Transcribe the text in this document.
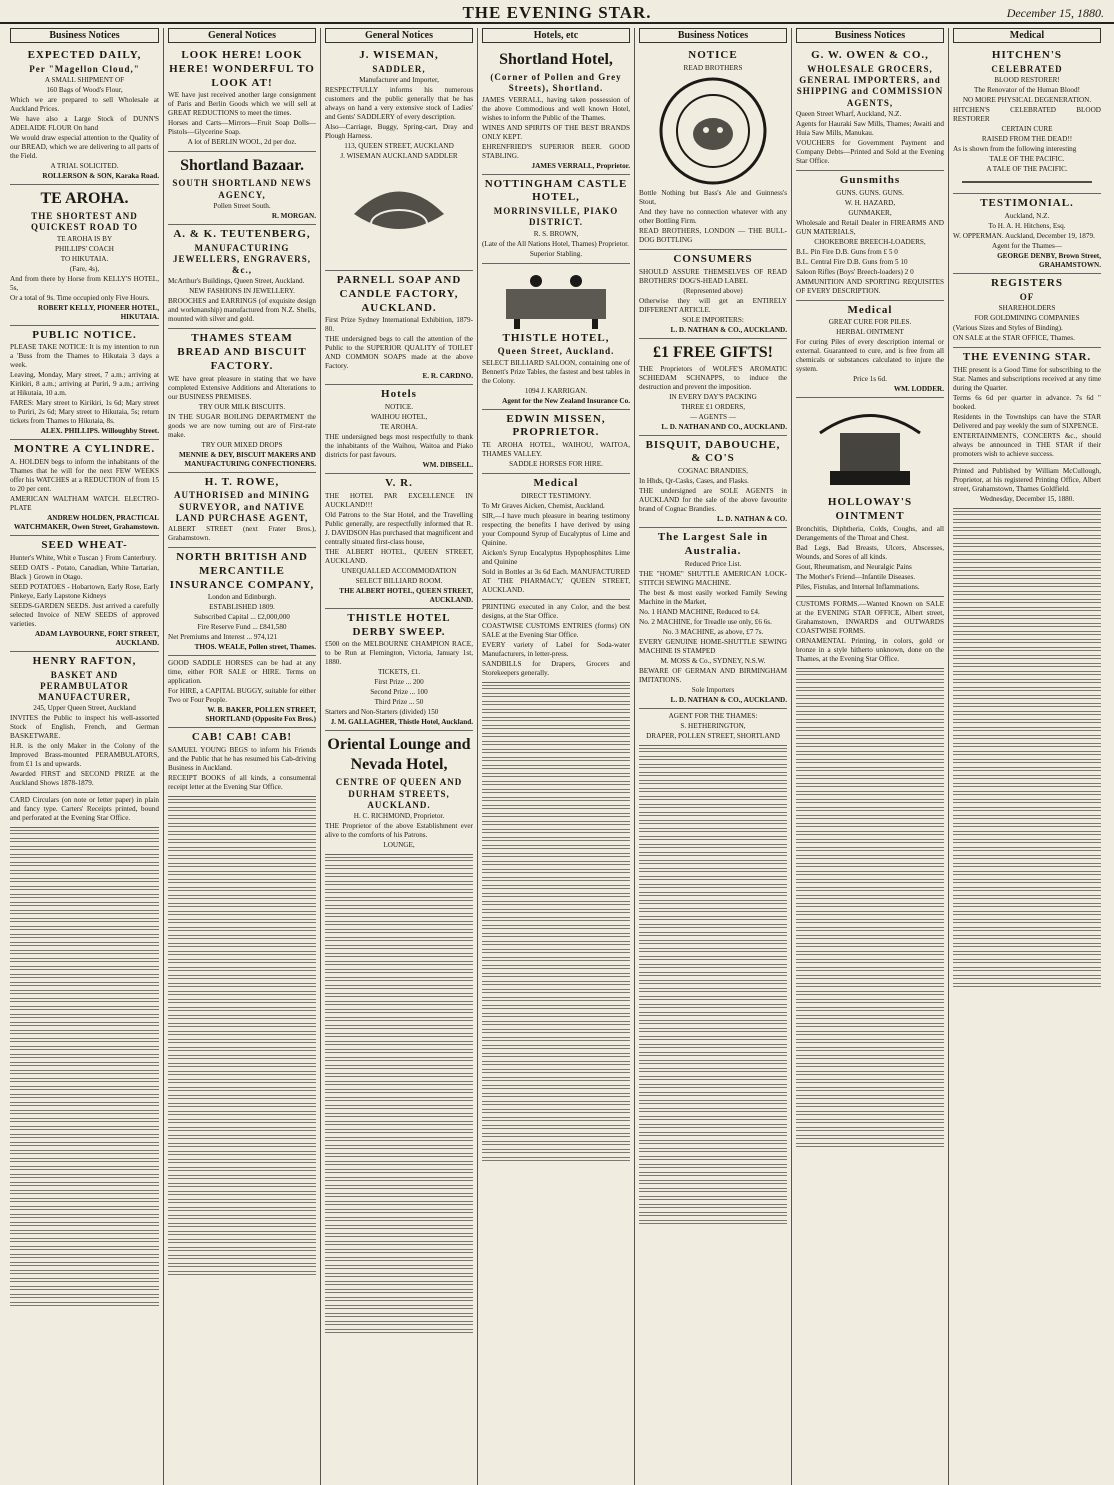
THE EVENING STAR.	December 15, 1880.
Business Notices
EXPECTED DAILY,
Per "Magellon Cloud,"

A SMALL SHIPMENT OF

160 Bags of Wood's Flour,

Which we are prepared to sell Wholesale at Auckland Prices.

We have also a Large Stock of DUNN'S ADELAIDE FLOUR On hand

We would draw especial attention to the Quality of our BREAD, which we are delivering to all parts of the Field.

A TRIAL SOLICITED.

ROLLERSON & SON, Karaka Road.
TE AROHA.
THE SHORTEST AND QUICKEST ROAD TO

TE AROHA IS BY

PHILLIPS' COACH

TO HIKUTAIA.

(Fare, 4s),

And from there by Horse from KELLY'S HOTEL, 5s,

Or a total of 9s. Time occupied only Five Hours.

ROBERT KELLY, PIONEER HOTEL, HIKUTAIA.
PUBLIC NOTICE.

PLEASE TAKE NOTICE: It is my intention to run a 'Buss from the Thames to Hikutaia 3 days a week.

Leaving, Monday, Mary street, 7 a.m.; arriving at Kirikiri, 8 a.m.; arriving at Puriri, 9 a.m.; arriving at Hikutaia, 10 a.m.

FARES: Mary street to Kirikiri, 1s 6d; Mary street to Puriri, 2s 6d; Mary street to Hikutaia, 5s; return tickets from Thames to Hikutaia, 8s.

ALEX. PHILLIPS. Willoughby Street.
MONTRE A CYLINDRE.

A. HOLDEN begs to inform the inhabitants of the Thames that he will for the next FEW WEEKS offer his WATCHES at a REDUCTION of from 15 to 20 per cent.

AMERICAN WALTHAM WATCH. ELECTRO-PLATE

ANDREW HOLDEN, PRACTICAL WATCHMAKER, Owen Street, Grahamstown.
SEED WHEAT-

Hunter's White, Whit e Tuscan } From Canterbury.

SEED OATS - Potato, Canadian, White Tartarian, Black } Grown in Otago.

SEED POTATOES - Hobartown, Early Rose, Early Pinkeye, Early Lapstone Kidneys

SEEDS-GARDEN SEEDS. Just arrived a carefully selected Invoice of NEW SEEDS of approved varieties.

ADAM LAYBOURNE, FORT STREET, AUCKLAND.
HENRY RAFTON,
BASKET AND PERAMBULATOR MANUFACTURER,

245, Upper Queen Street, Auckland

INVITES the Public to inspect his well-assorted Stock of English, French, and German BASKETWARE.

H.R. is the only Maker in the Colony of the Improved Brass-mounted PERAMBULATORS, from £1 1s and upwards.

Awarded FIRST and SECOND PRIZE at the Auckland Shows 1878-1879.

CARD Circulars (on note or letter paper) in plain and fancy type. Carters' Receipts printed, bound and perforated at the Evening Star Office.

General Notices
LOOK HERE! LOOK HERE! WONDERFUL TO LOOK AT!

WE have just received another large consignment of Paris and Berlin Goods which we will sell at GREAT REDUCTIONS to meet the times.

Horses and Carts—Mirrors—Fruit Soap Dolls—Pistols—Glycerine Soap.

A lot of BERLIN WOOL, 2d per doz.

Shortland Bazaar.
SOUTH SHORTLAND NEWS AGENCY,

Pollen Street South.

R. MORGAN.
A. & K. TEUTENBERG,
MANUFACTURING JEWELLERS, ENGRAVERS, &c.,

McArthur's Buildings, Queen Street, Auckland.

NEW FASHIONS IN JEWELLERY.

BROOCHES and EARRINGS (of exquisite design and workmanship) manufactured from N.Z. Shells, mounted with silver and gold.

THAMES STEAM BREAD AND BISCUIT FACTORY.

WE have great pleasure in stating that we have completed Extensive Additions and Alterations to our BUSINESS PREMISES.

TRY OUR MILK BISCUITS.

IN THE SUGAR BOILING DEPARTMENT the goods we are now turning out are of First-rate make.

TRY OUR MIXED DROPS

MENNIE & DEY, BISCUIT MAKERS AND MANUFACTURING CONFECTIONERS.
H. T. ROWE,
AUTHORISED and MINING SURVEYOR, and NATIVE LAND PURCHASE AGENT,

ALBERT STREET (next Frater Bros.), Grahamstown.

NORTH BRITISH AND MERCANTILE INSURANCE COMPANY,

London and Edinburgh.

ESTABLISHED 1809.

Subscribed Capital ... £2,000,000

Fire Reserve Fund ... £841,580

Net Premiums and Interest ... 974,121

THOS. WEALE, Pollen street, Thames.

GOOD SADDLE HORSES can be had at any time, either FOR SALE or HIRE. Terms on application.

For HIRE, a CAPITAL BUGGY, suitable for either Two or Four People.

W. B. BAKER, POLLEN STREET, SHORTLAND (Opposite Fox Bros.)
CAB! CAB! CAB!

SAMUEL YOUNG BEGS to inform his Friends and the Public that he has resumed his Cab-driving Business in Auckland.

RECEIPT BOOKS of all kinds, a consumental receipt letter at the Evening Star Office.

General Notices
J. WISEMAN,
SADDLER,

Manufacturer and Importer,

RESPECTFULLY informs his numerous customers and the public generally that he has always on hand a very extensive stock of Ladies' and Gents' SADDLERY of every description.

Also—Carriage, Buggy, Spring-cart, Dray and Plough Harness.

113, QUEEN STREET, AUCKLAND

J. WISEMAN AUCKLAND SADDLER

PARNELL SOAP AND CANDLE FACTORY, AUCKLAND.

First Prize Sydney International Exhibition, 1879-80.

THE undersigned begs to call the attention of the Public to the SUPERIOR QUALITY of TOILET AND COMMON SOAPS made at the above Factory.

E. R. CARDNO.
Hotels

NOTICE.

WAIHOU HOTEL,

TE AROHA.

THE undersigned begs most respectfully to thank the inhabitants of the Waihou, Waitoa and Piako districts for past favours.

WM. DIBSELL.
V. R.

THE HOTEL PAR EXCELLENCE IN AUCKLAND!!!

Old Patrons to the Star Hotel, and the Travelling Public generally, are respectfully informed that R. J. DAVIDSON Has purchased that magnificent and centrally situated first-class house,

THE ALBERT HOTEL, QUEEN STREET, AUCKLAND.

UNEQUALLED ACCOMMODATION

SELECT BILLIARD ROOM.

THE ALBERT HOTEL, QUEEN STREET, AUCKLAND.
THISTLE HOTEL DERBY SWEEP.

£500 on the MELBOURNE CHAMPION RACE, to be Run at Flemington, Victoria, January 1st, 1880.

TICKETS, £1.

First Prize ... 200

Second Prize ... 100

Third Prize ... 50

Starters and Non-Starters (divided) 150

J. M. GALLAGHER, Thistle Hotel, Auckland.
Oriental Lounge and Nevada Hotel,
CENTRE OF QUEEN AND DURHAM STREETS, AUCKLAND.

H. C. RICHMOND, Proprietor.

THE Proprietor of the above Establishment ever alive to the comforts of his Patrons.

LOUNGE,

Hotels, etc
Shortland Hotel,
(Corner of Pollen and Grey Streets), Shortland.

JAMES VERRALL, having taken possession of the above Commodious and well known Hotel, wishes to inform the Public of the Thames.

WINES AND SPIRITS OF THE BEST BRANDS ONLY KEPT.

EHRENFRIED'S SUPERIOR BEER. GOOD STABLING.

JAMES VERRALL, Proprietor.
NOTTINGHAM CASTLE HOTEL,
MORRINSVILLE, PIAKO DISTRICT.

R. S. BROWN,

(Late of the All Nations Hotel, Thames) Proprietor.

Superior Stabling.

THISTLE HOTEL,
Queen Street, Auckland.

SELECT BILLIARD SALOON, containing one of Bennett's Prize Tables, the fastest and best tables in the Colony.

1094 J. KARRIGAN.

Agent for the New Zealand Insurance Co.
EDWIN MISSEN, PROPRIETOR.

TE AROHA HOTEL, WAIHOU, WAITOA, THAMES VALLEY.

SADDLE HORSES FOR HIRE.

Medical

DIRECT TESTIMONY.

To Mr Graves Aicken, Chemist, Auckland.

SIR,—I have much pleasure in bearing testimony respecting the benefits I have derived by using your Compound Syrup of Eucalyptus of Lime and Quinine.

Aicken's Syrup Eucalyptus Hypophosphites Lime and Quinine

Sold in Bottles at 3s 6d Each. MANUFACTURED AT 'THE PHARMACY,' QUEEN STREET, AUCKLAND.

PRINTING executed in any Color, and the best designs, at the Star Office.

COASTWISE CUSTOMS ENTRIES (forms) ON SALE at the Evening Star Office.

EVERY variety of Label for Soda-water Manufacturers, in letter-press.

SANDBILLS for Drapers, Grocers and Storekeepers generally.

Business Notices
NOTICE

READ BROTHERS

Bottle Nothing but Bass's Ale and Guinness's Stout,

And they have no connection whatever with any other Bottling Firm.

READ BROTHERS, LONDON — THE BULL-DOG BOTTLING

CONSUMERS

SHOULD ASSURE THEMSELVES OF READ BROTHERS' DOG'S-HEAD LABEL

(Represented above)

Otherwise they will get an ENTIRELY DIFFERENT ARTICLE.

SOLE IMPORTERS:

L. D. NATHAN & CO., AUCKLAND.
£1 FREE GIFTS!

THE Proprietors of WOLFE'S AROMATIC SCHIEDAM SCHNAPPS, to induce the destruction and prevent the imposition.

IN EVERY DAY'S PACKING

THREE £1 ORDERS,

— AGENTS —

L. D. NATHAN AND CO., AUCKLAND.
BISQUIT, DABOUCHE, & CO'S

COGNAC BRANDIES,

In Hhds, Qr-Casks, Cases, and Flasks.

THE undersigned are SOLE AGENTS in AUCKLAND for the sale of the above favourite brand of Cognac Brandies.

L. D. NATHAN & CO.
The Largest Sale in Australia.

Reduced Price List.

THE "HOME" SHUTTLE AMERICAN LOCK-STITCH SEWING MACHINE.

The best & most easily worked Family Sewing Machine in the Market,

No. 1 HAND MACHINE, Reduced to £4.

No. 2 MACHINE, for Treadle use only, £6 6s.

No. 3 MACHINE, as above, £7 7s.

EVERY GENUINE HOME-SHUTTLE SEWING MACHINE IS STAMPED

M. MOSS & Co., SYDNEY, N.S.W.

BEWARE OF GERMAN AND BIRMINGHAM IMITATIONS.

Sole Importers

L. D. NATHAN & CO., AUCKLAND.

AGENT FOR THE THAMES:

S. HETHERINGTON,

DRAPER, POLLEN STREET, SHORTLAND

Business Notices
G. W. OWEN & CO.,
WHOLESALE GROCERS, GENERAL IMPORTERS, and SHIPPING and COMMISSION AGENTS,

Queen Street Wharf, Auckland, N.Z.

Agents for Hauraki Saw Mills, Thames; Awaiti and Huia Saw Mills, Manukau.

VOUCHERS for Government Payment and Company Debts—Printed and Sold at the Evening Star Office.

Gunsmiths

GUNS. GUNS. GUNS.

W. H. HAZARD,

GUNMAKER,

Wholesale and Retail Dealer in FIREARMS AND GUN MATERIALS,

CHOKEBORE BREECH-LOADERS,

B.L. Pin Fire D.B. Guns from £ 5 0

B.L. Central Fire D.B. Guns from 5 10

Saloon Rifles (Boys' Breech-loaders) 2 0

AMMUNITION AND SPORTING REQUISITES OF EVERY DESCRIPTION.

Medical

GREAT CURE FOR PILES.

HERBAL OINTMENT

For curing Piles of every description internal or external. Guaranteed to cure, and is free from all chemicals or substances calculated to injure the system.

Price 1s 6d.

WM. LODDER.
HOLLOWAY'S OINTMENT

Bronchitis, Diphtheria, Colds, Coughs, and all Derangements of the Throat and Chest.

Bad Legs, Bad Breasts, Ulcers, Abscesses, Wounds, and Sores of all kinds.

Gout, Rheumatism, and Neuralgic Pains

The Mother's Friend—Infantile Diseases.

Piles, Fistulas, and Internal Inflammations.

CUSTOMS FORMS.—Wanted Known on SALE at the EVENING STAR OFFICE, Albert street, Grahamstown, INWARDS and OUTWARDS COASTWISE FORMS.

ORNAMENTAL Printing, in colors, gold or bronze in a style hitherto unknown, done on the Thames, at the Evening Star Office.

Medical
HITCHEN'S
CELEBRATED

BLOOD RESTORER!

The Renovator of the Human Blood!

NO MORE PHYSICAL DEGENERATION.

HITCHEN'S CELEBRATED BLOOD RESTORER

CERTAIN CURE

RAISED FROM THE DEAD!!

As is shown from the following interesting

TALE OF THE PACIFIC.

A TALE OF THE PACIFIC.

TESTIMONIAL.

Auckland, N.Z.

To H. A. H. Hitchens, Esq.

W. OPPERMAN. Auckland, December 19, 1879.

Agent for the Thames—

GEORGE DENBY, Brown Street, GRAHAMSTOWN.
REGISTERS
OF

SHAREHOLDERS

FOR GOLDMINING COMPANIES

(Various Sizes and Styles of Binding).

ON SALE at the STAR OFFICE, Thames.

THE EVENING STAR.

THE present is a Good Time for subscribing to the Star. Names and subscriptions received at any time during the Quarter.

Terms 6s 6d per quarter in advance. 7s 6d " booked.

Residents in the Townships can have the STAR Delivered and pay weekly the sum of SIXPENCE.

ENTERTAINMENTS, CONCERTS &c., should always be announced in THE STAR if their promoters wish to achieve success.

Printed and Published by William McCullough, Proprietor, at his registered Printing Office, Albert street, Grahamstown, Thames Goldfield.

Wednesday, December 15, 1880.
